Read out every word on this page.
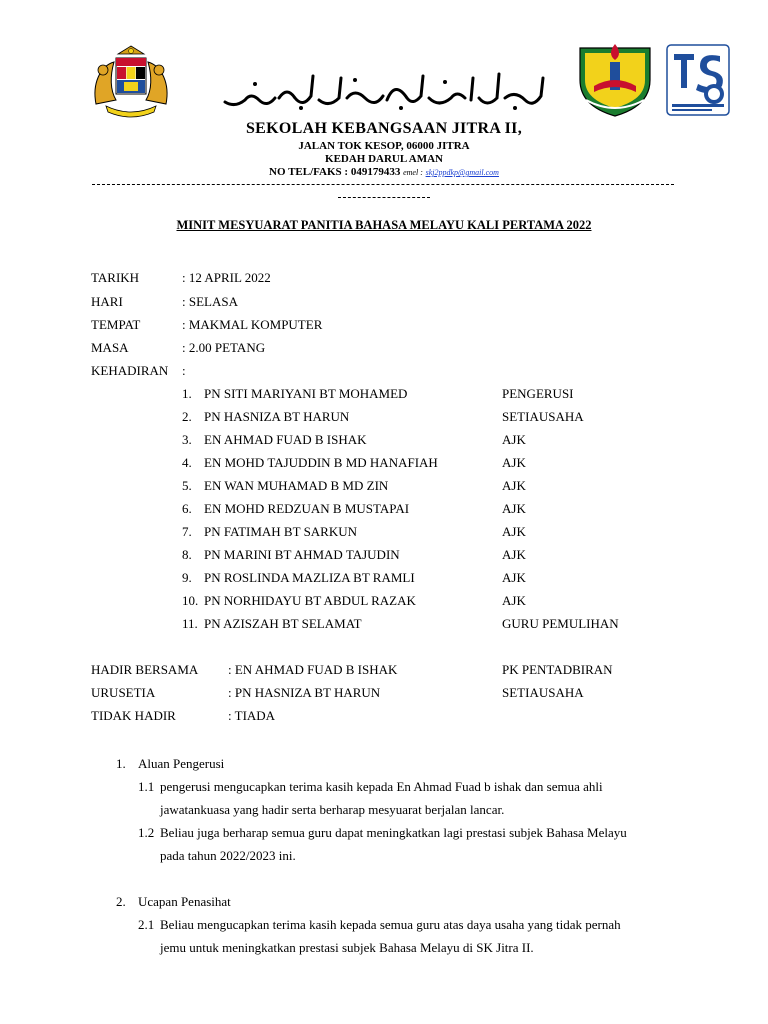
SEKOLAH KEBANGSAAN JITRA II,
JALAN TOK KESOP, 06000 JITRA
KEDAH DARUL AMAN
NO TEL/FAKS : 049179433 emel : skj2ppdkp@gmail.com
MINIT MESYUARAT PANITIA BAHASA MELAYU KALI PERTAMA 2022
TARIKH	: 12 APRIL 2022
HARI	: SELASA
TEMPAT	: MAKMAL KOMPUTER
MASA	: 2.00 PETANG
KEHADIRAN :
1. PN SITI MARIYANI BT MOHAMED	PENGERUSI
2. PN HASNIZA BT HARUN	SETIAUSAHA
3. EN AHMAD FUAD B ISHAK	AJK
4. EN MOHD TAJUDDIN B MD HANAFIAH	AJK
5. EN WAN MUHAMAD B MD ZIN	AJK
6. EN MOHD REDZUAN B MUSTAPAI	AJK
7. PN FATIMAH BT SARKUN	AJK
8. PN MARINI BT AHMAD TAJUDIN	AJK
9. PN ROSLINDA MAZLIZA BT RAMLI	AJK
10. PN NORHIDAYU BT ABDUL RAZAK	AJK
11. PN AZISZAH BT SELAMAT	GURU PEMULIHAN
HADIR BERSAMA : EN AHMAD FUAD B ISHAK	PK PENTADBIRAN
URUSETIA	: PN HASNIZA BT HARUN	SETIAUSAHA
TIDAK HADIR	: TIADA
1. Aluan Pengerusi
1.1 pengerusi mengucapkan terima kasih kepada En Ahmad Fuad b ishak dan semua ahli
jawatankuasa yang hadir serta berharap mesyuarat berjalan lancar.
1.2 Beliau juga berharap semua guru dapat meningkatkan lagi prestasi subjek Bahasa Melayu
pada tahun 2022/2023 ini.
2. Ucapan Penasihat
2.1 Beliau mengucapkan terima kasih kepada semua guru atas daya usaha yang tidak pernah
jemu untuk meningkatkan prestasi subjek Bahasa Melayu di SK Jitra II.
